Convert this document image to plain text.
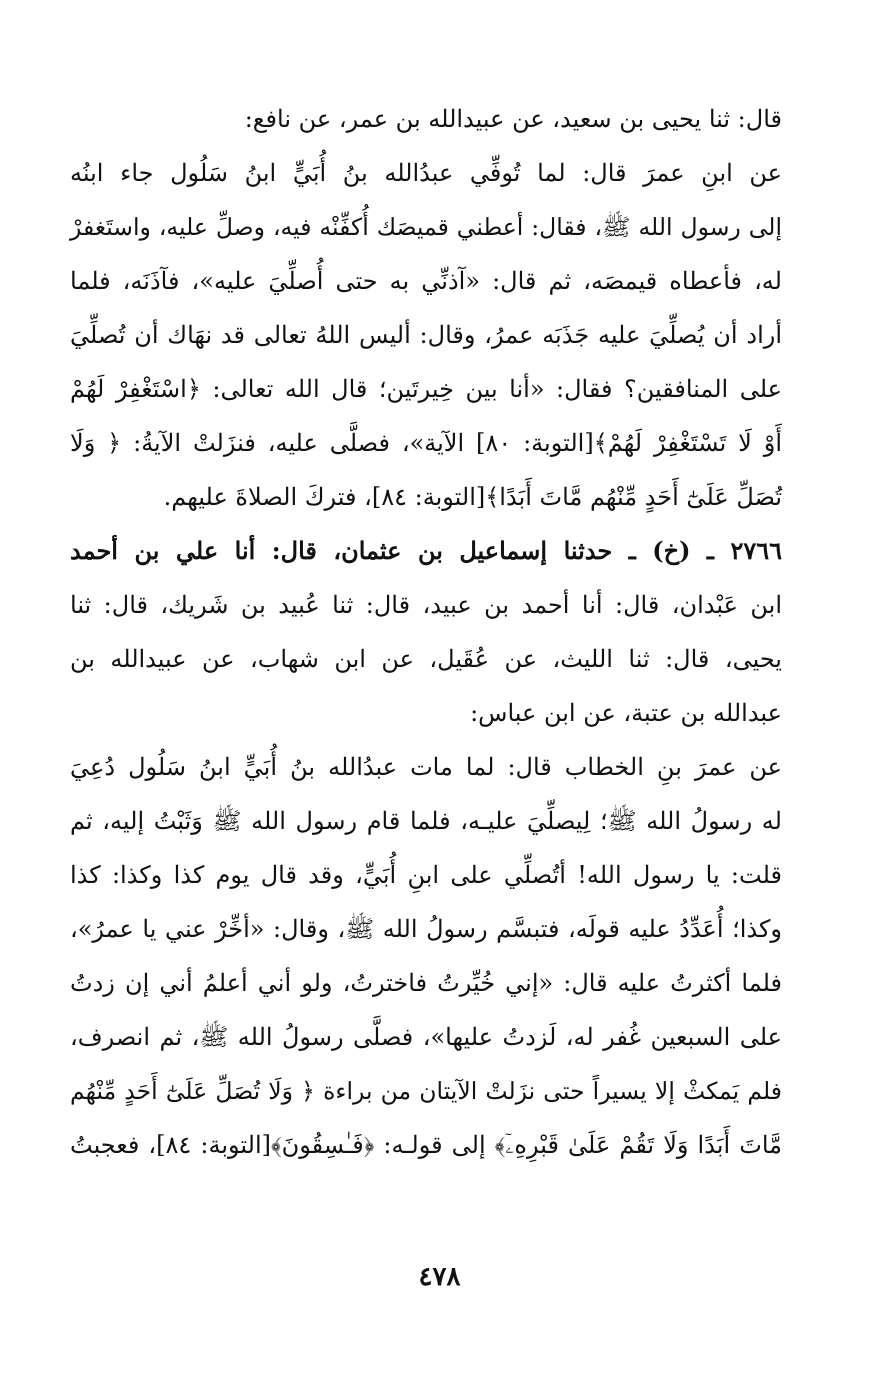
قال: ثنا يحيى بن سعيد، عن عبيدالله بن عمر، عن نافع:
عن ابنِ عمرَ قال: لما تُوفِّي عبدُالله بنُ أُبَيٍّ ابنُ سَلُول جاء ابنُه
إلى رسول الله ﷺ، فقال: أعطني قميصَك أُكفِّنْه فيه، وصلِّ عليه، واستَغفرْ
له، فأعطاه قيمصَه، ثم قال: «آذنِّي به حتى أُصلِّيَ عليه»، فآذَنَه، فلما
أراد أن يُصلِّيَ عليه جَذَبَه عمرُ، وقال: أليس اللهُ تعالى قد نهَاك أن تُصلِّيَ
على المنافقين؟ فقال: «أنا بين خِيرتَين؛ قال الله تعالى: ﴿اسْتَغْفِرْ لَهُمْ
أَوْ لَا تَسْتَغْفِرْ لَهُمْ﴾[التوبة: ٨٠] الآية»، فصلَّى عليه، فنزَلتْ الآيةُ: ﴿ وَلَا
تُصَلِّ عَلَىٰٓ أَحَدٍ مِّنْهُم مَّاتَ أَبَدًا﴾[التوبة: ٨٤]، فتركَ الصلاةَ عليهم.
٢٧٦٦ ـ (خ) ـ حدثنا إسماعيل بن عثمان، قال: أنا علي بن أحمد
ابن عَبْدان، قال: أنا أحمد بن عبيد، قال: ثنا عُبيد بن شَريك، قال: ثنا
يحيى، قال: ثنا الليث، عن عُقَيل، عن ابن شهاب، عن عبيدالله بن
عبدالله بن عتبة، عن ابن عباس:
عن عمرَ بنِ الخطاب قال: لما مات عبدُالله بنُ أُبَيٍّ ابنُ سَلُول دُعِيَ
له رسولُ الله ﷺ؛ لِيصلِّيَ عليـه، فلما قام رسول الله ﷺ وَثَبْتُ إليه، ثم
قلت: يا رسول الله! أتُصلِّي على ابنِ أُبَيٍّ، وقد قال يوم كذا وكذا: كذا
وكذا؛ أُعَدِّدُ عليه قولَه، فتبسَّم رسولُ الله ﷺ، وقال: «أخِّرْ عني يا عمرُ»،
فلما أكثرتُ عليه قال: «إني خُيِّرتُ فاخترتُ، ولو أني أعلمُ أني إن زدتُ
على السبعين غُفر له، لَزدتُ عليها»، فصلَّى رسولُ الله ﷺ، ثم انصرف،
فلم يَمكثْ إلا يسيراً حتى نزَلتْ الآيتان من براءة ﴿ وَلَا تُصَلِّ عَلَىٰٓ أَحَدٍ مِّنْهُم
مَّاتَ أَبَدًا وَلَا تَقُمْ عَلَىٰ قَبْرِهِۦٓ﴾ إلى قولـه: ﴿فَـٰسِقُونَ﴾[التوبة: ٨٤]، فعجبتُ
٤٧٨
